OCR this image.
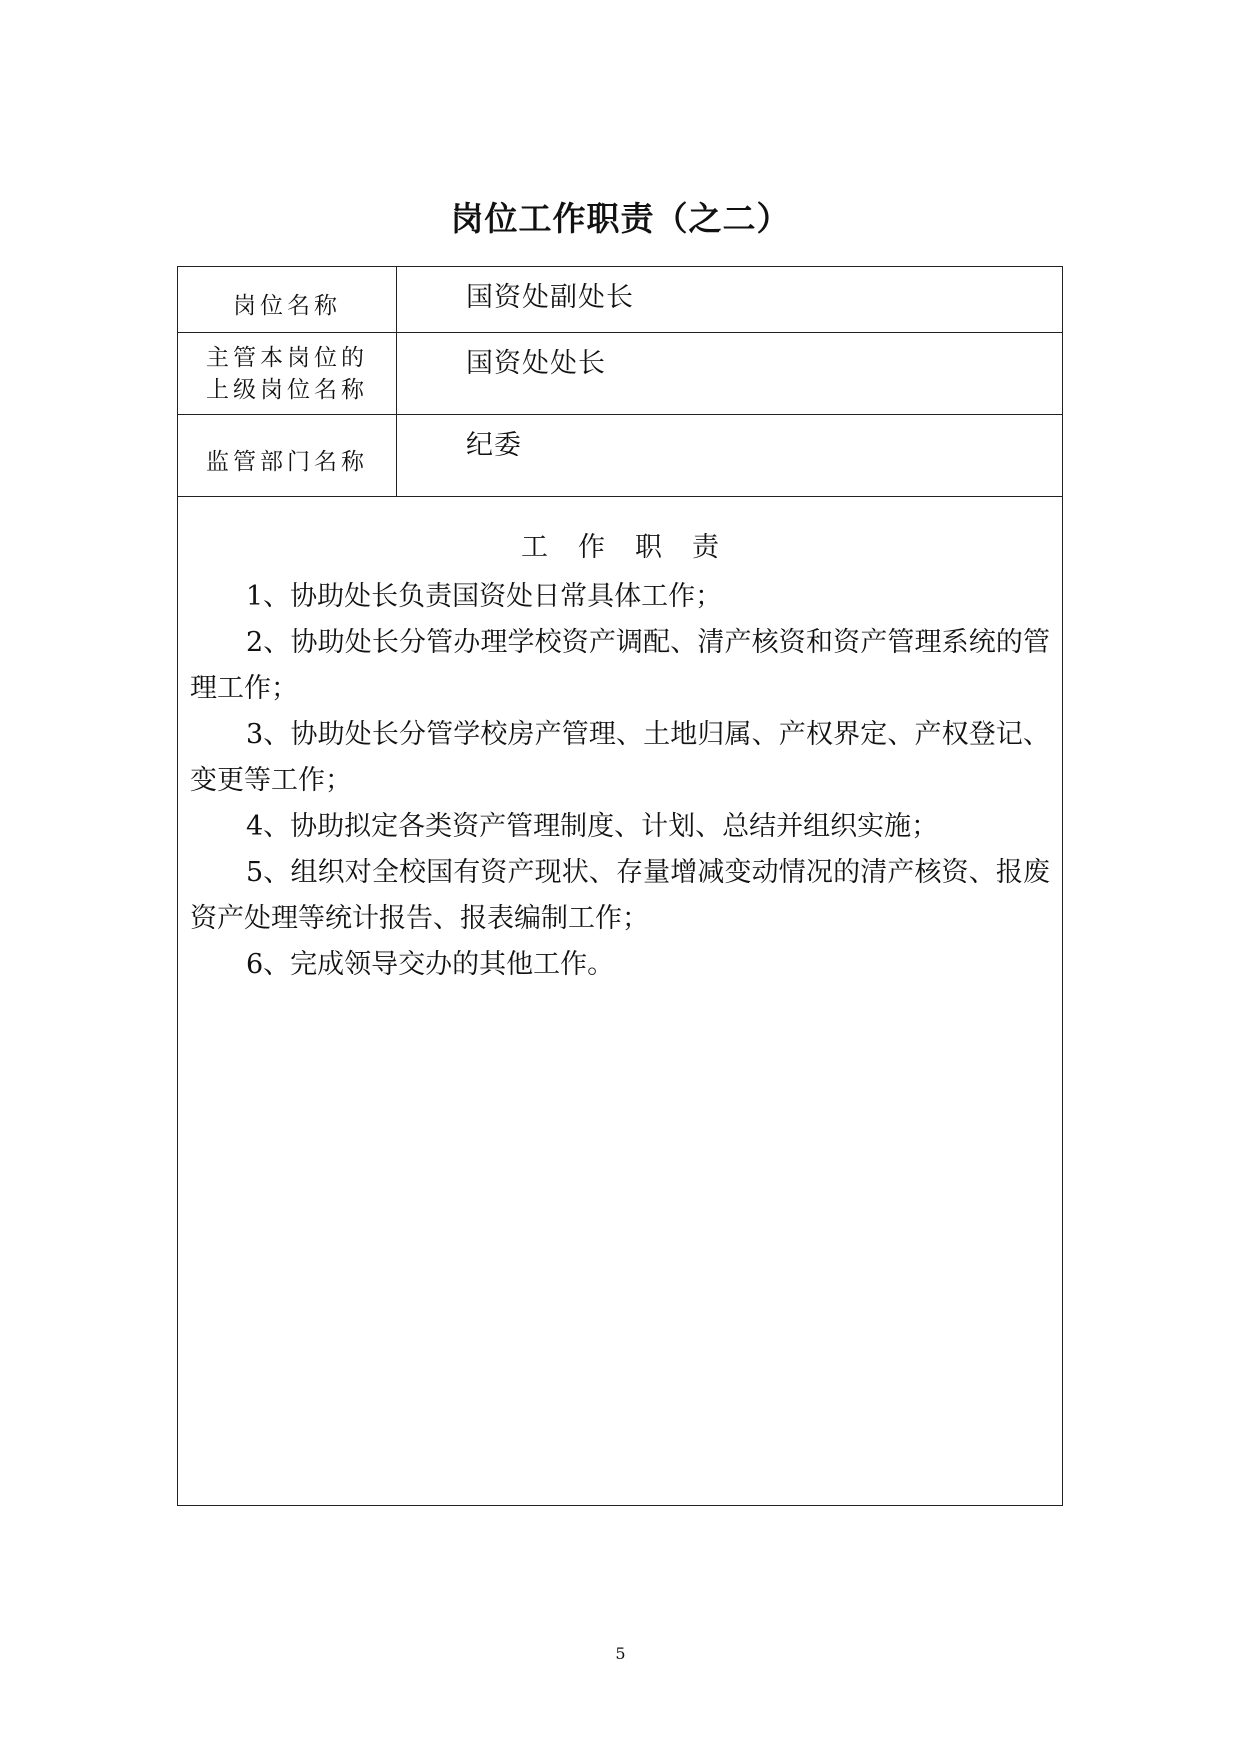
岗位工作职责（之二）
岗位名称	国资处副处长
主管本岗位的
上级岗位名称
国资处处长
监管部门名称
纪委
工作职责

1、协助处长负责国资处日常具体工作；

2、协助处长分管办理学校资产调配、清产核资和资产管理系统的管理工作；

3、协助处长分管学校房产管理、土地归属、产权界定、产权登记、变更等工作；

4、协助拟定各类资产管理制度、计划、总结并组织实施；

5、组织对全校国有资产现状、存量增减变动情况的清产核资、报废资产处理等统计报告、报表编制工作；

6、完成领导交办的其他工作。

5
